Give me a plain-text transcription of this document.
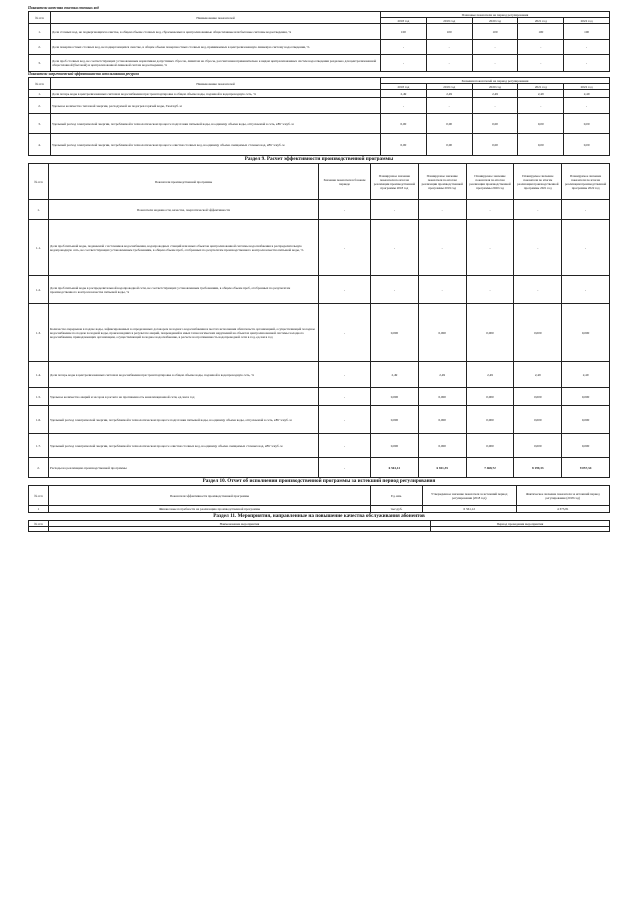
Показатели качества очистки сточных вод
№ п/п	Наименование показателей	Плановые показатели на период регулирования				
		2018 год	2019 год	2020 год	2021 год	2022 год
1.	Доля сточных вод, не подвергающихся очистке, в общем объеме сточных вод, сбрасываемых в централизованные общесплавные или бытовые системы водоотведения, %	100	100	100	100	100
2.	Доля поверхностных сточных вод, не подвергающихся очистке, в общем объеме поверхностных сточных вод, принимаемых в централизованную ливневую систему водоотведения, %	-	-	-	-	-
3.	Доля проб сточных вод, не соответствующих установленным нормативам допустимых сбросов, лимитам на сбросы, рассчитанная применительно к видам централизованных систем водоотведения раздельно для централизованной общесплавной (бытовой) и централизованной ливневой систем водоотведения, %	-	-	-	-	-
Показатели энергетической эффективности использования ресурсов
№ п/п	Наименование показателей	Значения показателей на период регулирования				
		2018 год	2019 год	2020 год	2021 год	2022 год
1.	Доля потерь воды в централизованных системах водоснабжения при транспортировке в общем объеме воды, поданной в водопроводную сеть, %	2,49	2,49	2,49	2,49	2,49
2.	Удельное количество тепловой энергии, расходуемой на подогрев горячей воды, Гкал/куб. м	-	-	-	-	-
3.	Удельный расход электрической энергии, потребляемой в технологическом процессе подготовки питьевой воды, на единицу объема воды, отпускаемой в сеть, кВт·ч/куб. м	0,00	0,00	0,00	0,00	0,00
4.	Удельный расход электрической энергии, потребляемой в технологическом процессе очистки сточных вод, на единицу объема очищаемых сточных вод, кВт·ч/куб. м	0,00	0,00	0,00	0,00	0,00
Раздел 9. Расчет эффективности производственной программы
№ п/п	Показатели производственной программы	Значение показателя в базовом периоде	Планируемое значение показателя по итогам реализации производственной программы 2018 год	Планируемое значение показателя по итогам реализации производственной программы 2019 год	Планируемое значение показателя по итогам реализации производственной программы 2020 год	Планируемое значение показателя по итогам реализации производственной программы 2021 год	Планируемое значение показателя по итогам реализации производственной программы 2022 год
1.	Показатели надежности, качества, энергетической эффективности	-	-	-	-	-	-
1.1.	Доля проб питьевой воды, подаваемой с источников водоснабжения, водопроводных станций или иных объектов централизованной системы водоснабжения в распределительную водопроводную сеть, не соответствующих установленным требованиям, в общем объеме проб, отобранных по результатам производственного контроля качества питьевой воды, %	-	-	-	-	-	-
1.2.	Доля проб питьевой воды в распределительной водопроводной сети, не соответствующих установленным требованиям, в общем объеме проб, отобранных по результатам производственного контроля качества питьевой воды, %	-	-	-	-	-	-
1.3.	Количество перерывов в подаче воды, зафиксированных в определенных договором холодного водоснабжения и местах исполнения обязательств организацией, осуществляющей холодное водоснабжение по подаче холодной воды, произошедших в результате аварий, повреждений и иных технологических нарушений на объектах централизованной системы холодного водоснабжения, принадлежащих организации, осуществляющей холодное водоснабжение, в расчете на протяженность водопроводной сети в год, ед./км в год	-	0,000	0,000	0,000	0,000	0,000
1.4.	Доля потерь воды в централизованных системах водоснабжения при транспортировке в общем объеме воды, поданной в водопроводную сеть, %	-	2,49	2,49	2,49	2,49	2,49
1.5.	Удельное количество аварий и засоров в расчете на протяженность канализационной сети, ед./км в год	-	0,000	0,000	0,000	0,000	0,000
1.6.	Удельный расход электрической энергии, потребляемой в технологическом процессе подготовки питьевой воды, на единицу объема воды, отпускаемой в сеть, кВт·ч/куб. м	-	0,000	0,000	0,000	0,000	0,000
1.7.	Удельный расход электрической энергии, потребляемой в технологическом процессе очистки сточных вод, на единицу объема очищаемых сточных вод, кВт·ч/куб. м	-	0,000	0,000	0,000	0,000	0,000
2.	Расходы на реализацию производственной программы	-	6 561,12	6 811,35	7 468,72	8 199,33	9 057,34
Раздел 10. Отчет об исполнении производственной программы за истекший период регулирования
№ п/п	Показатели эффективности производственной программы	Ед. изм.	Утвержденное значение показателя за истекший период регулирования (2018 год)	Фактическое значение показателя за истекший период регулирования (2018 год)
1	Финансовые потребности на реализацию производственной программы	тыс.руб.	6 561,12	4 373,81
Раздел 11. Мероприятия, направленные на повышение качества обслуживания абонентов
№ п/п	Наименование мероприятия	Период проведения мероприятия
